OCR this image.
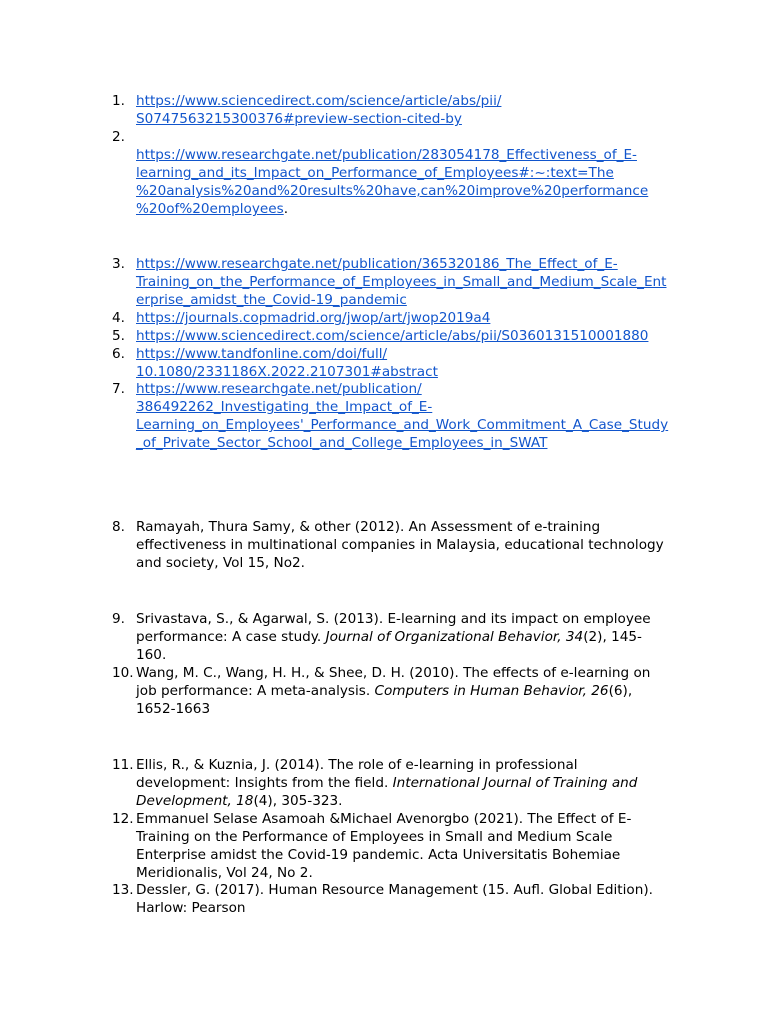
1. https://www.sciencedirect.com/science/article/abs/pii/
S0747563215300376#preview-section-cited-by
2.
https://www.researchgate.net/publication/283054178_Effectiveness_of_E-
learning_and_its_Impact_on_Performance_of_Employees#:~:text=The
%20analysis%20and%20results%20have,can%20improve%20performance
%20of%20employees.
3. https://www.researchgate.net/publication/365320186_The_Effect_of_E-
Training_on_the_Performance_of_Employees_in_Small_and_Medium_Scale_Ent
erprise_amidst_the_Covid-19_pandemic
4. https://journals.copmadrid.org/jwop/art/jwop2019a4
5. https://www.sciencedirect.com/science/article/abs/pii/S0360131510001880
6. https://www.tandfonline.com/doi/full/
10.1080/2331186X.2022.2107301#abstract
7. https://www.researchgate.net/publication/
386492262_Investigating_the_Impact_of_E-
Learning_on_Employees'_Performance_and_Work_Commitment_A_Case_Study
_of_Private_Sector_School_and_College_Employees_in_SWAT
8. Ramayah, Thura Samy, & other (2012). An Assessment of e-training
effectiveness in multinational companies in Malaysia, educational technology
and society, Vol 15, No2.
9. Srivastava, S., & Agarwal, S. (2013). E-learning and its impact on employee
performance: A case study. Journal of Organizational Behavior, 34(2), 145-
160.
10. Wang, M. C., Wang, H. H., & Shee, D. H. (2010). The effects of e-learning on
job performance: A meta-analysis. Computers in Human Behavior, 26(6),
1652-1663
11. Ellis, R., & Kuznia, J. (2014). The role of e-learning in professional
development: Insights from the field. International Journal of Training and
Development, 18(4), 305-323.
12. Emmanuel Selase Asamoah &Michael Avenorgbo (2021). The Effect of E-
Training on the Performance of Employees in Small and Medium Scale
Enterprise amidst the Covid-19 pandemic. Acta Universitatis Bohemiae
Meridionalis, Vol 24, No 2.
13. Dessler, G. (2017). Human Resource Management (15. Aufl. Global Edition).
Harlow: Pearson
